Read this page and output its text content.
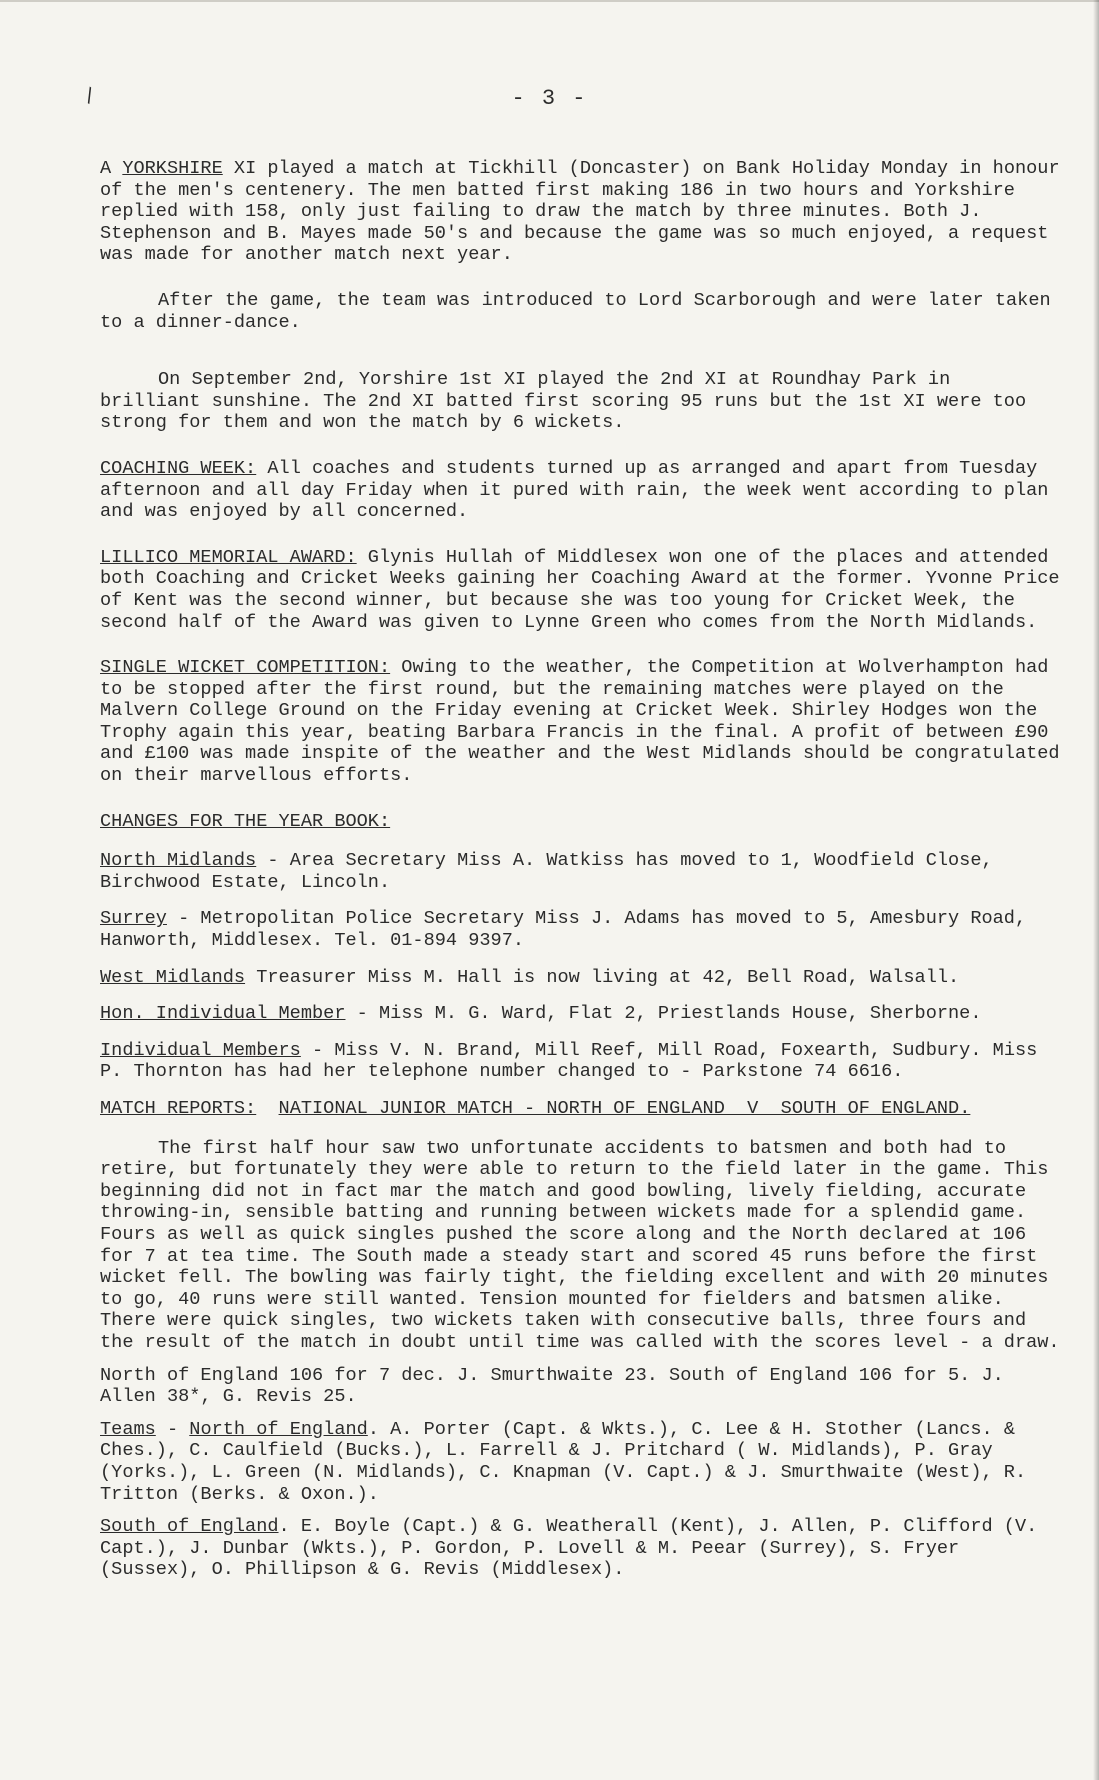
\	- 3 -

A YORKSHIRE XI played a match at Tickhill (Doncaster) on Bank Holiday Monday in honour of the men's centenery. The men batted first making 186 in two hours and Yorkshire replied with 158, only just failing to draw the match by three minutes. Both J. Stephenson and B. Mayes made 50's and because the game was so much enjoyed, a request was made for another match next year.

After the game, the team was introduced to Lord Scarborough and were later taken to a dinner-dance.

On September 2nd, Yorshire 1st XI played the 2nd XI at Roundhay Park in brilliant sunshine. The 2nd XI batted first scoring 95 runs but the 1st XI were too strong for them and won the match by 6 wickets.

COACHING WEEK: All coaches and students turned up as arranged and apart from Tuesday afternoon and all day Friday when it pured with rain, the week went according to plan and was enjoyed by all concerned.

LILLICO MEMORIAL AWARD: Glynis Hullah of Middlesex won one of the places and attended both Coaching and Cricket Weeks gaining her Coaching Award at the former. Yvonne Price of Kent was the second winner, but because she was too young for Cricket Week, the second half of the Award was given to Lynne Green who comes from the North Midlands.

SINGLE WICKET COMPETITION: Owing to the weather, the Competition at Wolverhampton had to be stopped after the first round, but the remaining matches were played on the Malvern College Ground on the Friday evening at Cricket Week. Shirley Hodges won the Trophy again this year, beating Barbara Francis in the final. A profit of between £90 and £100 was made inspite of the weather and the West Midlands should be congratulated on their marvellous efforts.

CHANGES FOR THE YEAR BOOK:

North Midlands - Area Secretary Miss A. Watkiss has moved to 1, Woodfield Close, Birchwood Estate, Lincoln.

Surrey - Metropolitan Police Secretary Miss J. Adams has moved to 5, Amesbury Road, Hanworth, Middlesex. Tel. 01-894 9397.

West Midlands Treasurer Miss M. Hall is now living at 42, Bell Road, Walsall.

Hon. Individual Member - Miss M. G. Ward, Flat 2, Priestlands House, Sherborne.

Individual Members - Miss V. N. Brand, Mill Reef, Mill Road, Foxearth, Sudbury. Miss P. Thornton has had her telephone number changed to - Parkstone 74 6616.

MATCH REPORTS: NATIONAL JUNIOR MATCH - NORTH OF ENGLAND  V  SOUTH OF ENGLAND.

The first half hour saw two unfortunate accidents to batsmen and both had to retire, but fortunately they were able to return to the field later in the game. This beginning did not in fact mar the match and good bowling, lively fielding, accurate throwing-in, sensible batting and running between wickets made for a splendid game. Fours as well as quick singles pushed the score along and the North declared at 106 for 7 at tea time. The South made a steady start and scored 45 runs before the first wicket fell. The bowling was fairly tight, the fielding excellent and with 20 minutes to go, 40 runs were still wanted. Tension mounted for fielders and batsmen alike. There were quick singles, two wickets taken with consecutive balls, three fours and the result of the match in doubt until time was called with the scores level - a draw.

North of England 106 for 7 dec. J. Smurthwaite 23. South of England 106 for 5. J. Allen 38*, G. Revis 25.

Teams - North of England. A. Porter (Capt. & Wkts.), C. Lee & H. Stother (Lancs. & Ches.), C. Caulfield (Bucks.), L. Farrell & J. Pritchard ( W. Midlands), P. Gray (Yorks.), L. Green (N. Midlands), C. Knapman (V. Capt.) & J. Smurthwaite (West), R. Tritton (Berks. & Oxon.).

South of England. E. Boyle (Capt.) & G. Weatherall (Kent), J. Allen, P. Clifford (V. Capt.), J. Dunbar (Wkts.), P. Gordon, P. Lovell & M. Peear (Surrey), S. Fryer (Sussex), O. Phillipson & G. Revis (Middlesex).
